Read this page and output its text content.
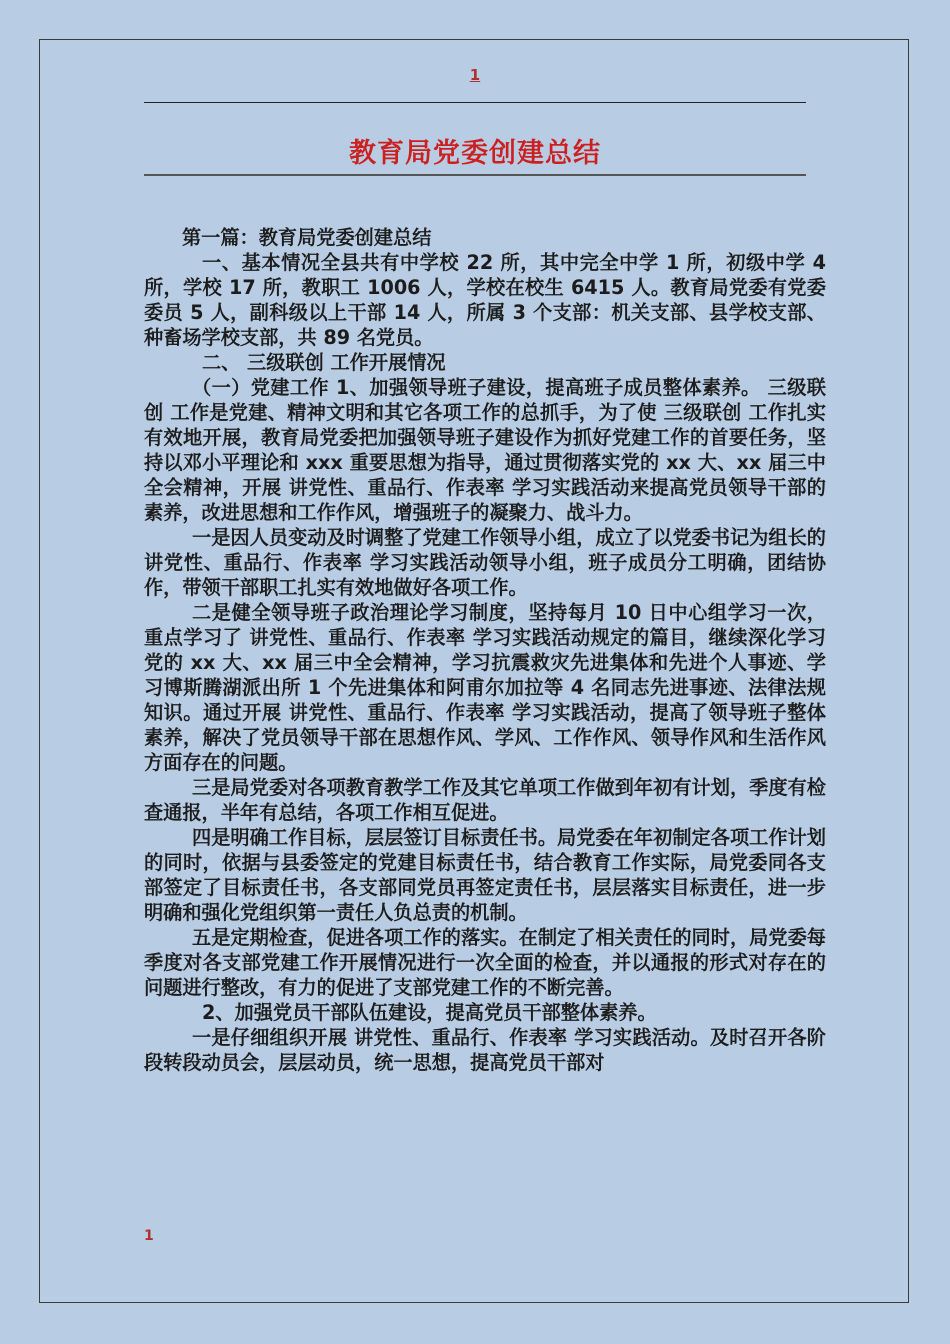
1
教育局党委创建总结

第一篇：教育局党委创建总结

一、基本情况全县共有中学校 22 所，其中完全中学 1 所，初级中学 4 所，学校 17 所，教职工 1006 人，学校在校生 6415 人。教育局党委有党委委员 5 人，副科级以上干部 14 人，所属 3 个支部：机关支部、县学校支部、种畜场学校支部，共 89 名党员。

二、 三级联创 工作开展情况

（一）党建工作 1、加强领导班子建设，提高班子成员整体素养。 三级联创 工作是党建、精神文明和其它各项工作的总抓手，为了使 三级联创 工作扎实有效地开展，教育局党委把加强领导班子建设作为抓好党建工作的首要任务，坚持以邓小平理论和 xxx 重要思想为指导，通过贯彻落实党的 xx 大、xx 届三中全会精神，开展 讲党性、重品行、作表率 学习实践活动来提高党员领导干部的素养，改进思想和工作作风，增强班子的凝聚力、战斗力。

一是因人员变动及时调整了党建工作领导小组，成立了以党委书记为组长的 讲党性、重品行、作表率 学习实践活动领导小组，班子成员分工明确，团结协作，带领干部职工扎实有效地做好各项工作。

二是健全领导班子政治理论学习制度，坚持每月 10 日中心组学习一次，重点学习了 讲党性、重品行、作表率 学习实践活动规定的篇目，继续深化学习党的 xx 大、xx 届三中全会精神，学习抗震救灾先进集体和先进个人事迹、学习博斯腾湖派出所 1 个先进集体和阿甫尔加拉等 4 名同志先进事迹、法律法规知识。通过开展 讲党性、重品行、作表率 学习实践活动，提高了领导班子整体素养，解决了党员领导干部在思想作风、学风、工作作风、领导作风和生活作风方面存在的问题。

三是局党委对各项教育教学工作及其它单项工作做到年初有计划，季度有检查通报，半年有总结，各项工作相互促进。

四是明确工作目标，层层签订目标责任书。局党委在年初制定各项工作计划的同时，依据与县委签定的党建目标责任书，结合教育工作实际，局党委同各支部签定了目标责任书，各支部同党员再签定责任书，层层落实目标责任，进一步明确和强化党组织第一责任人负总责的机制。

五是定期检查，促进各项工作的落实。在制定了相关责任的同时，局党委每季度对各支部党建工作开展情况进行一次全面的检查，并以通报的形式对存在的问题进行整改，有力的促进了支部党建工作的不断完善。

2、加强党员干部队伍建设，提高党员干部整体素养。

一是仔细组织开展 讲党性、重品行、作表率 学习实践活动。及时召开各阶段转段动员会，层层动员，统一思想，提高党员干部对

1
